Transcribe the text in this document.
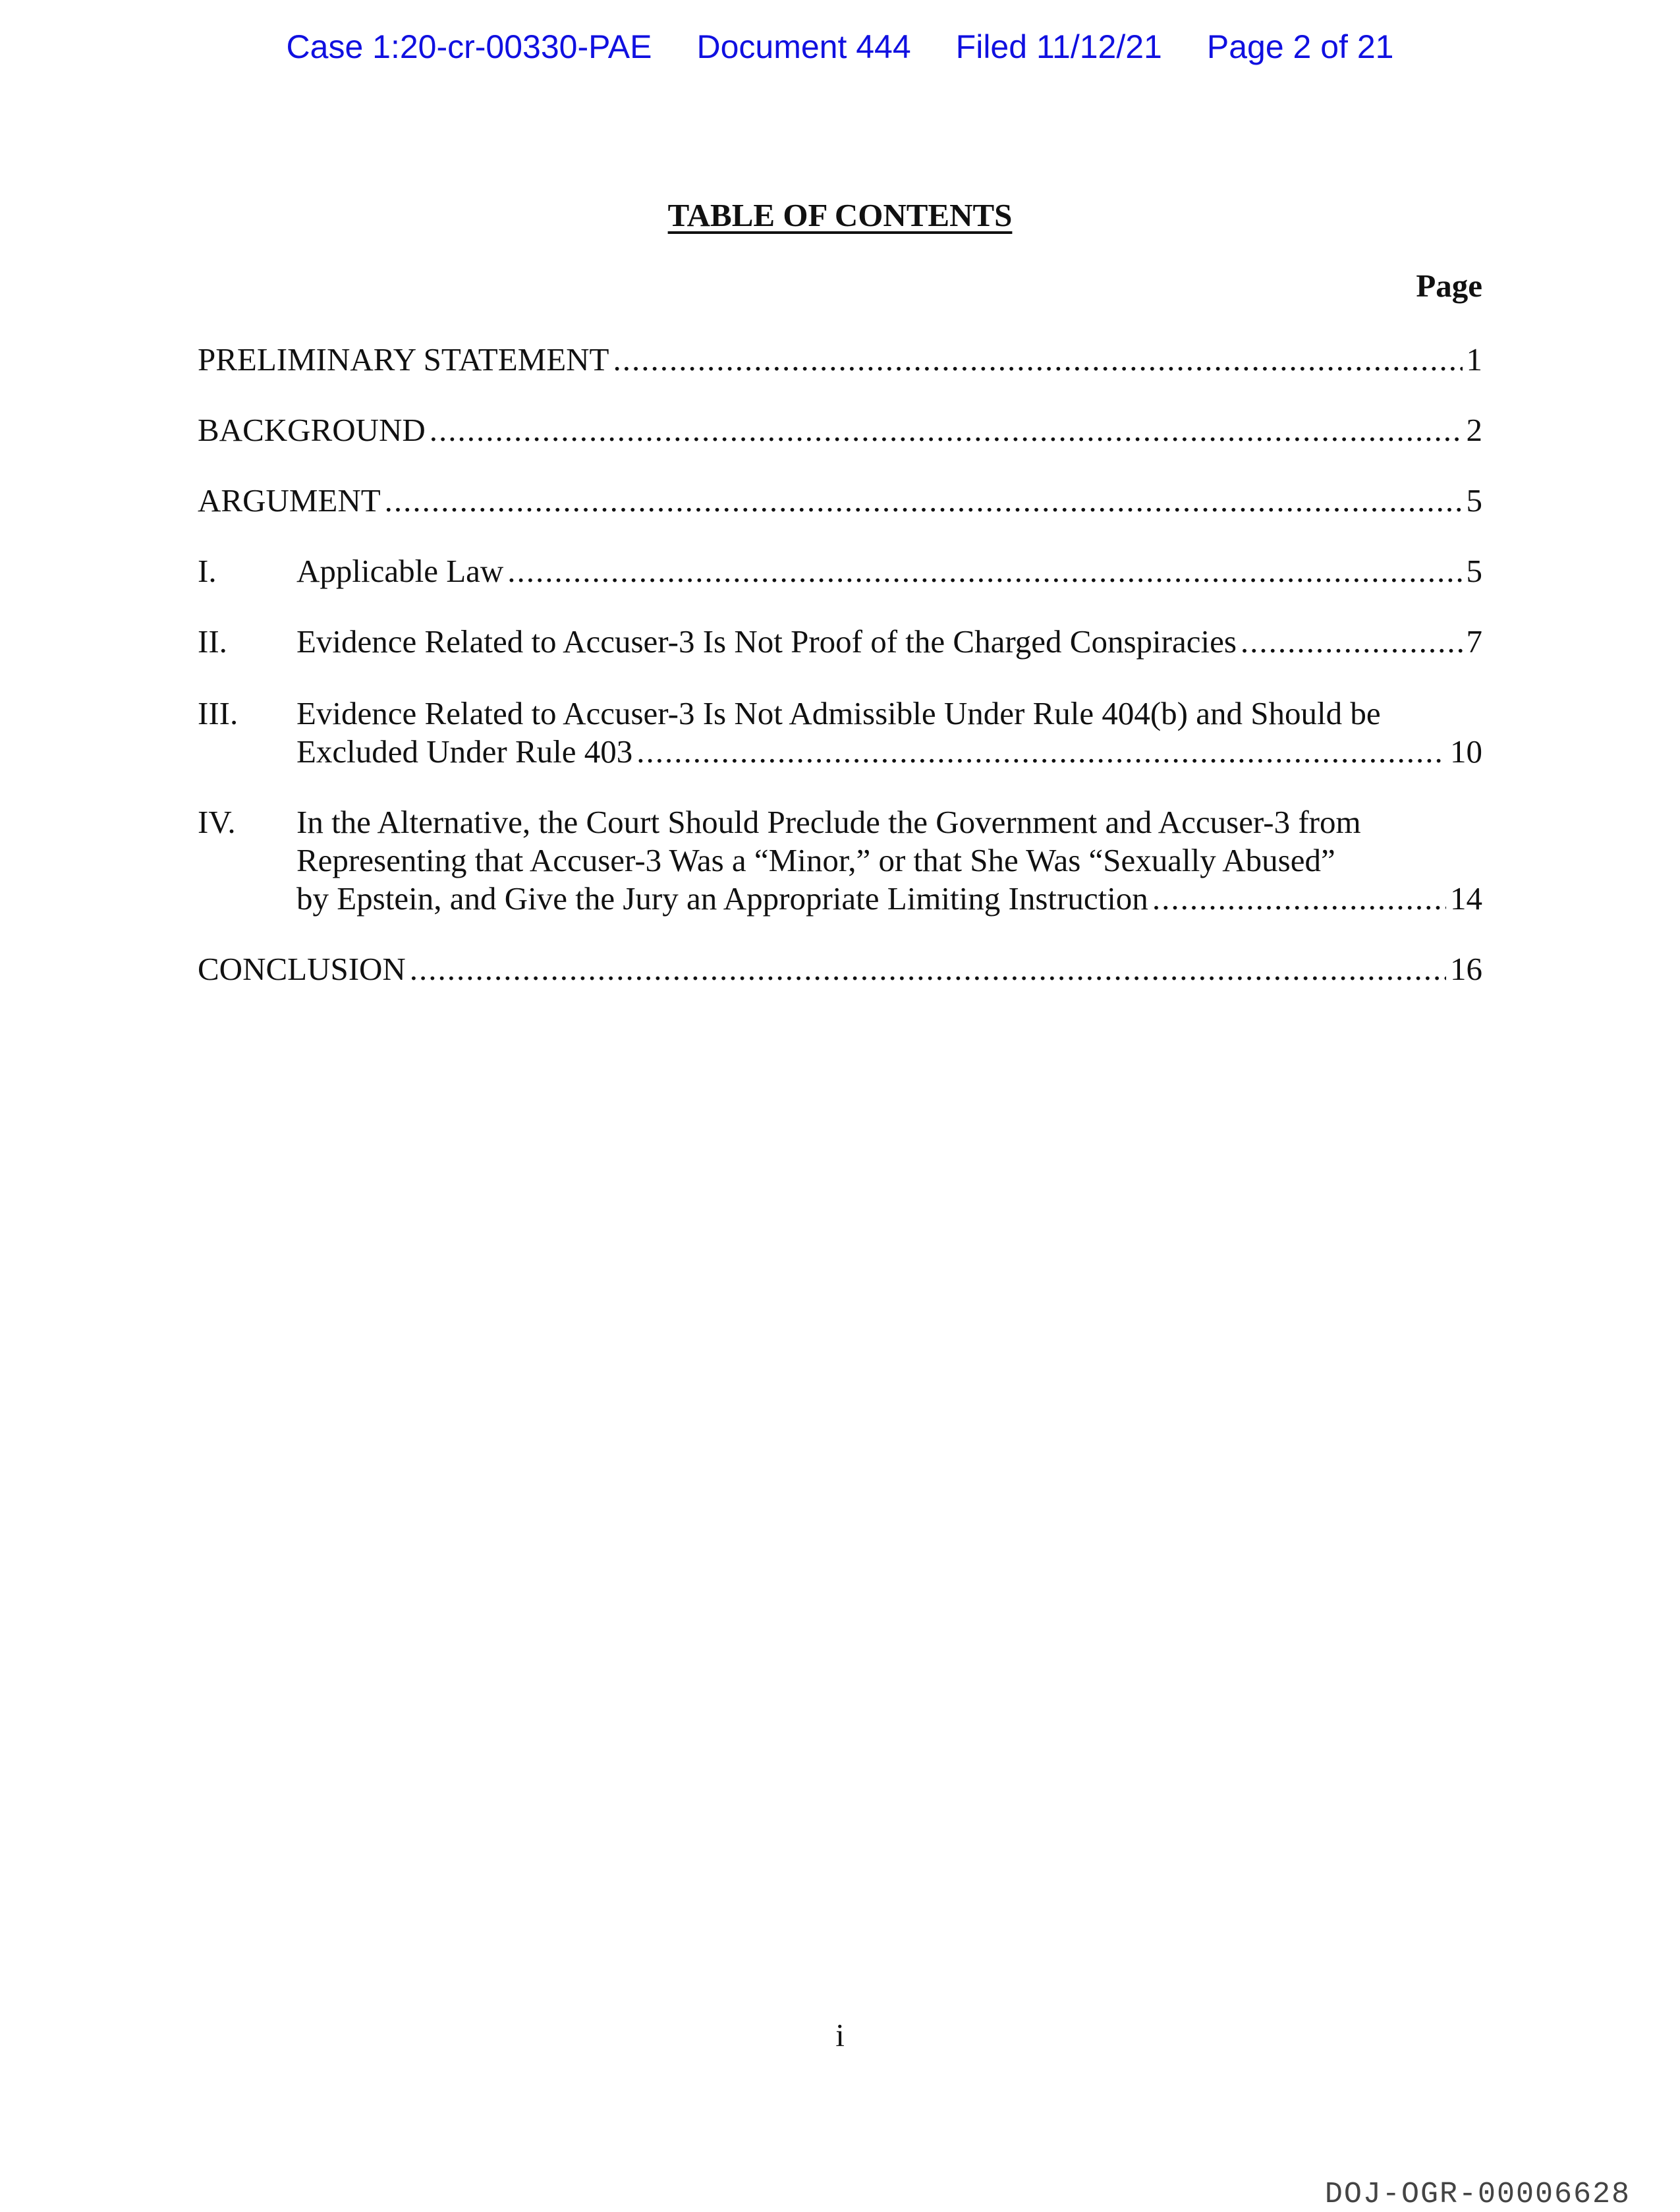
Case 1:20-cr-00330-PAE Document 444 Filed 11/12/21 Page 2 of 21
TABLE OF CONTENTS
Page
PRELIMINARY STATEMENT .....	1
BACKGROUND .....	2
ARGUMENT .....	5
I. Applicable Law .....	5
II. Evidence Related to Accuser-3 Is Not Proof of the Charged Conspiracies .....	7
III. Evidence Related to Accuser-3 Is Not Admissible Under Rule 404(b) and Should be
Excluded Under Rule 403 .....	10
IV. In the Alternative, the Court Should Preclude the Government and Accuser-3 from
Representing that Accuser-3 Was a “Minor,” or that She Was “Sexually Abused”
by Epstein, and Give the Jury an Appropriate Limiting Instruction .....	14
CONCLUSION .....	16
i
DOJ-OGR-00006628
